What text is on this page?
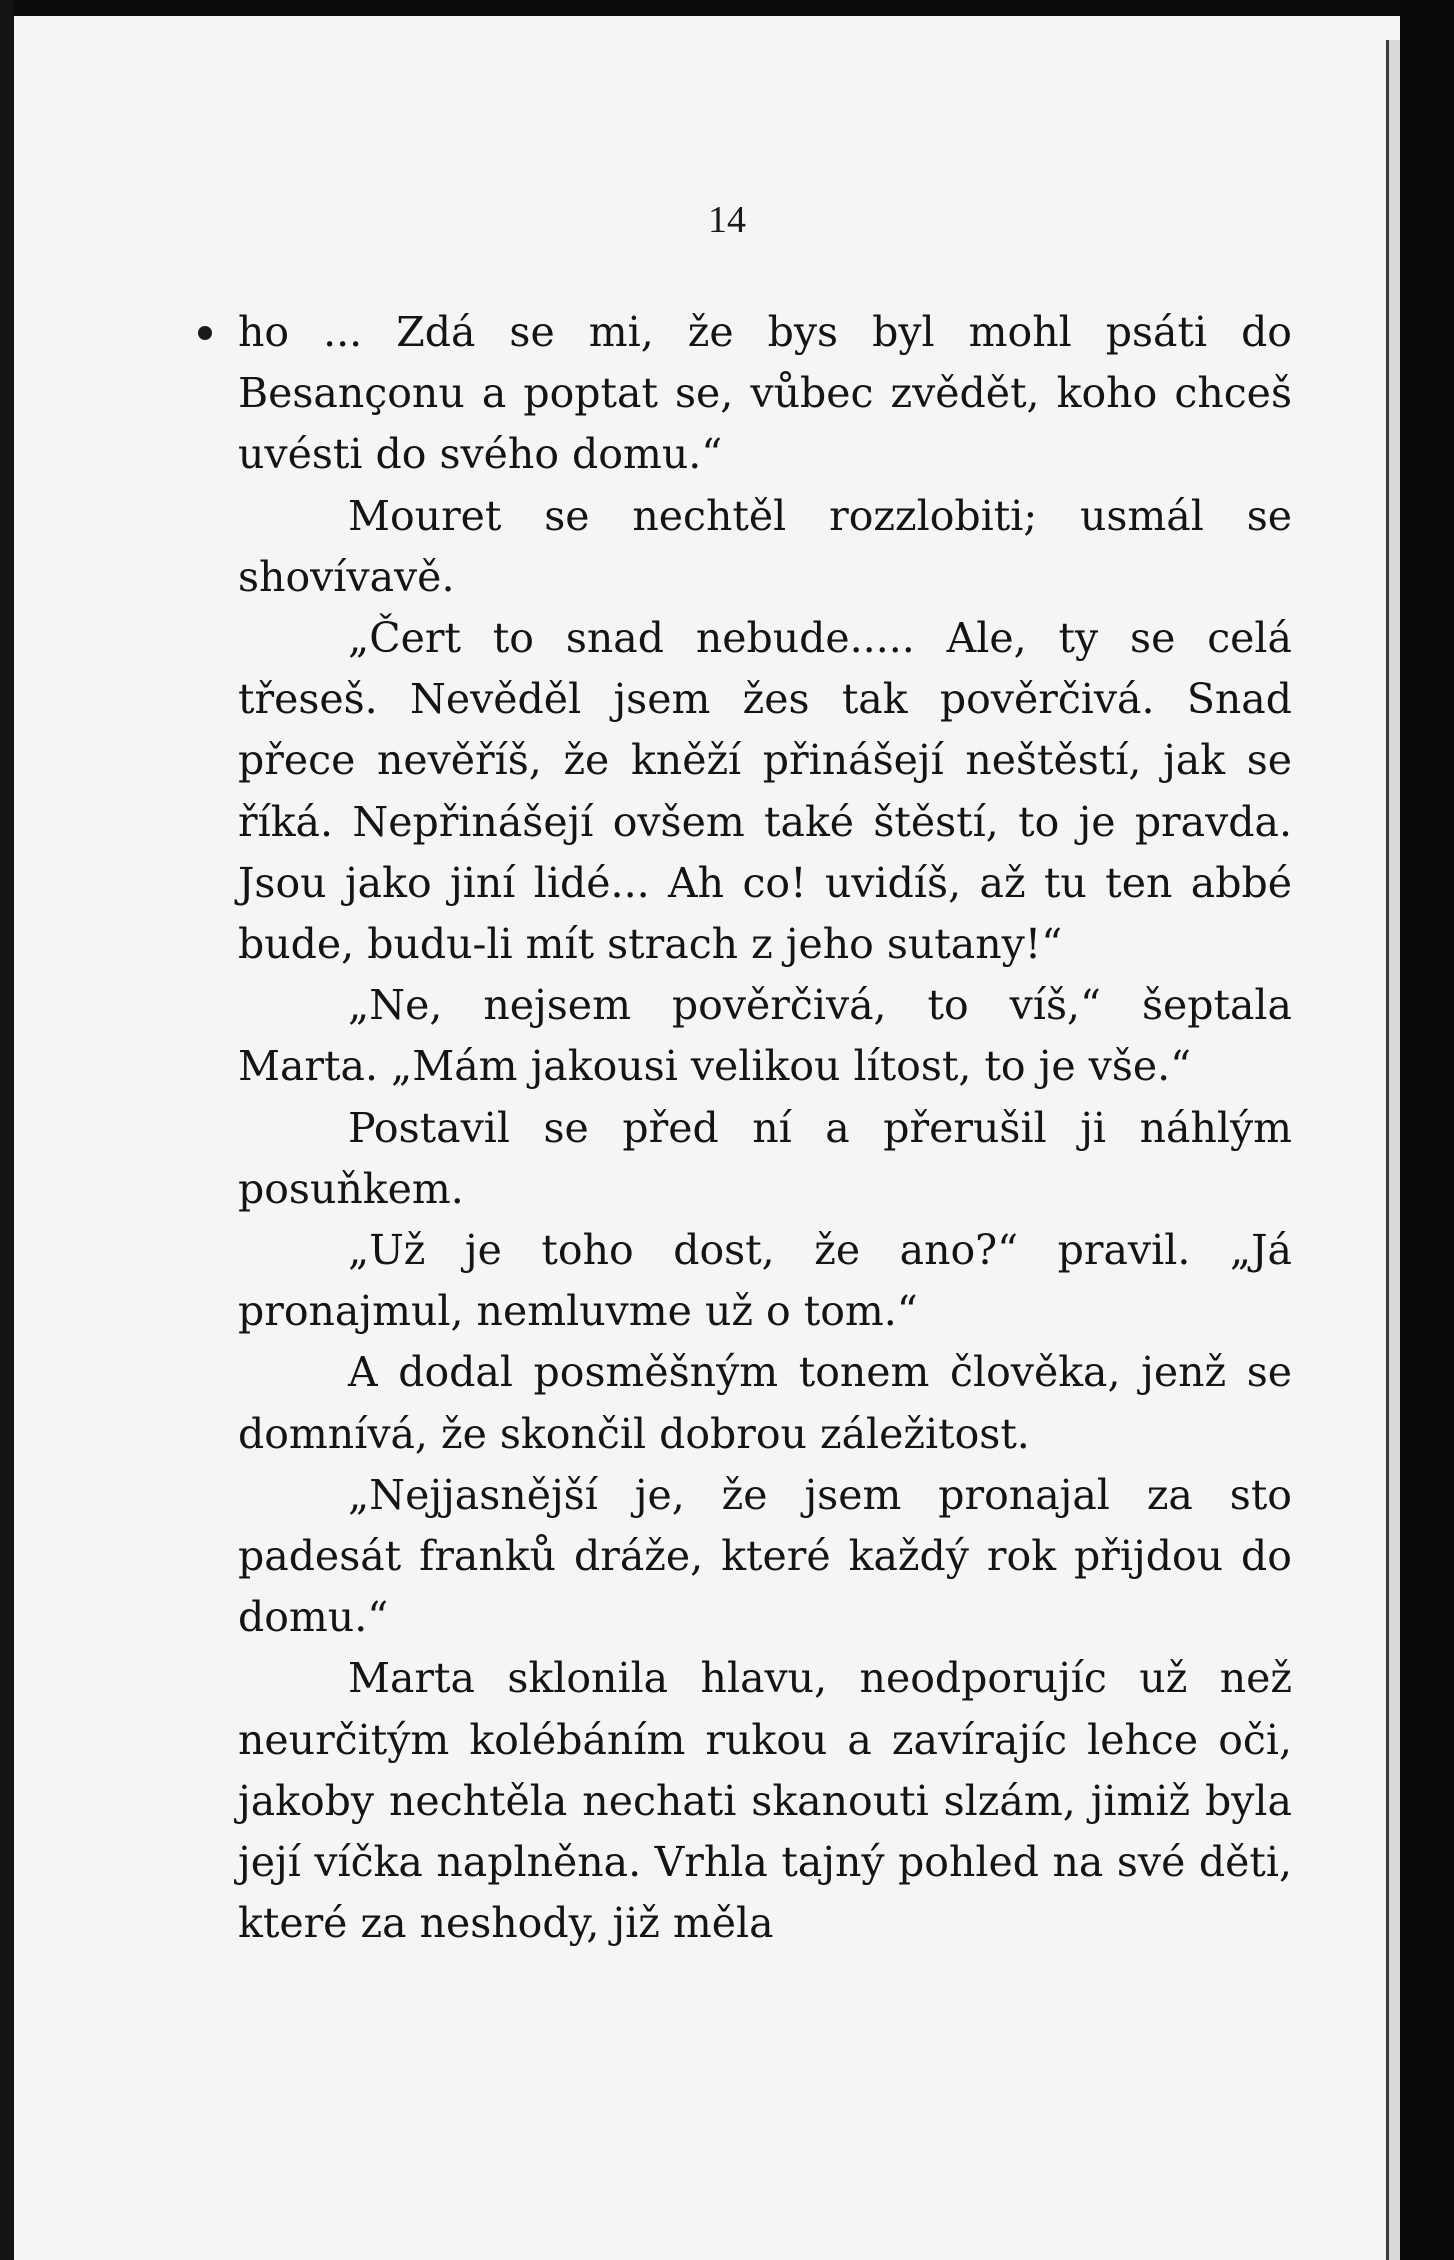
14

ho ... Zdá se mi, že bys byl mohl psáti do Besançonu a poptat se, vůbec zvědět, koho chceš uvésti do svého domu.“

Mouret se nechtěl rozzlobiti; usmál se shovívavě.

„Čert to snad nebude..... Ale, ty se celá třeseš. Nevěděl jsem žes tak pověrčivá. Snad přece nevěříš, že kněží přinášejí neštěstí, jak se říká. Nepřinášejí ovšem také štěstí, to je pravda. Jsou jako jiní lidé... Ah co! uvidíš, až tu ten abbé bude, budu-li mít strach z jeho sutany!“

„Ne, nejsem pověrčivá, to víš,“ šeptala Marta. „Mám jakousi velikou lítost, to je vše.“

Postavil se před ní a přerušil ji náhlým posuňkem.

„Už je toho dost, že ano?“ pravil. „Já pronajmul, nemluvme už o tom.“

A dodal posměšným tonem člověka, jenž se domnívá, že skončil dobrou záležitost.

„Nejjasnější je, že jsem pronajal za sto padesát franků dráže, které každý rok přijdou do domu.“

Marta sklonila hlavu, neodporujíc už než neurčitým kolébáním rukou a zavírajíc lehce oči, jakoby nechtěla nechati skanouti slzám, jimiž byla její víčka naplněna. Vrhla tajný pohled na své děti, které za neshody, již měla
